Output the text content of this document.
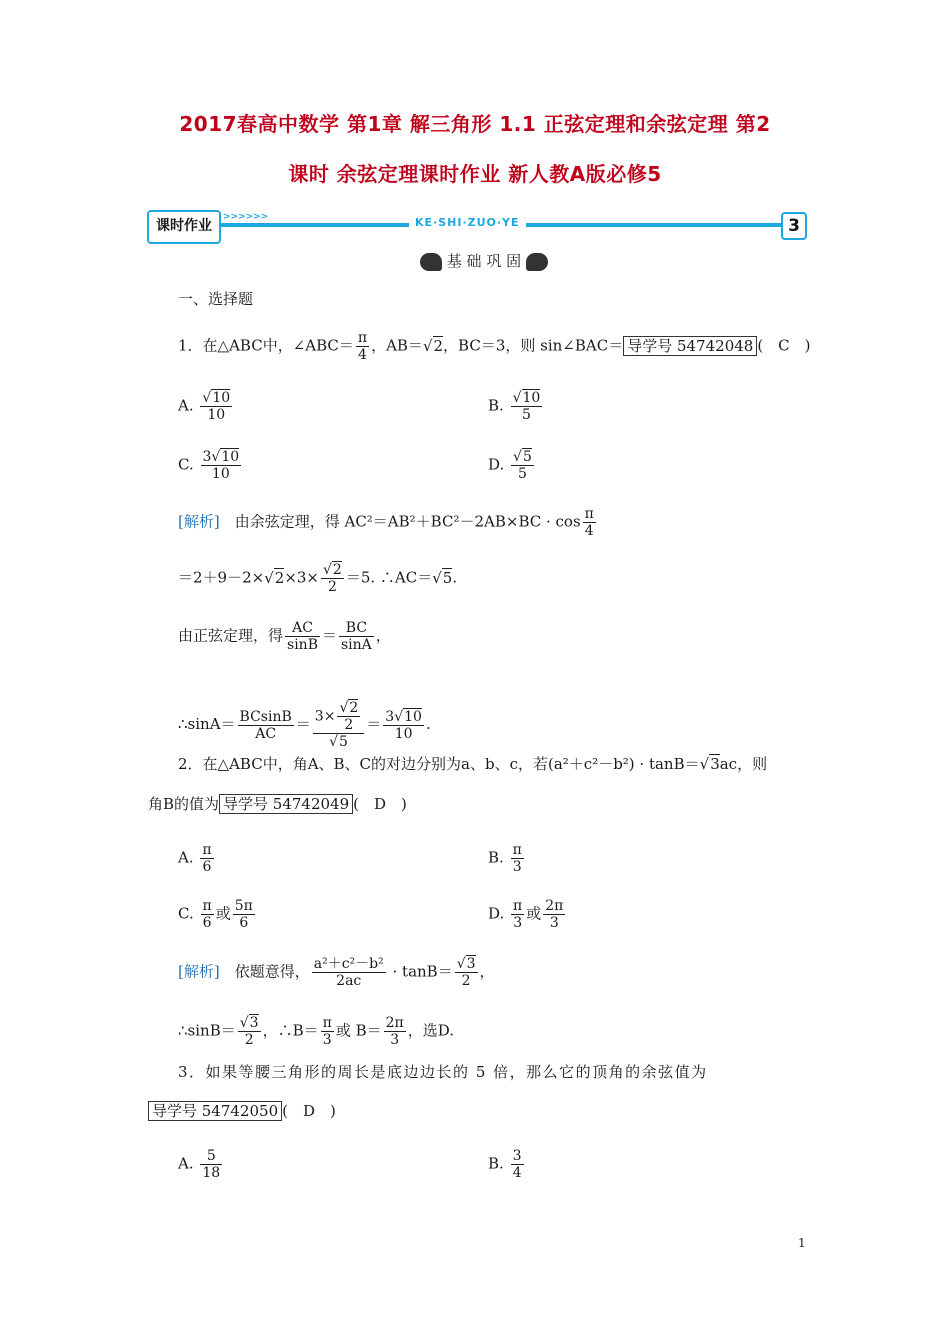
2017春高中数学 第1章 解三角形 1.1 正弦定理和余弦定理 第2
课时 余弦定理课时作业 新人教A版必修5
课时作业
>>>>>>	KE·SHI·ZUO·YE	3
基 础 巩 固
一、选择题
1．在△ABC中，∠ABC＝ $\frac{\pi}{4}$ ，AB＝√2，BC＝3，则 sin∠BAC＝ 导学号 54742048 (　C　)
A. $\frac{√10}{10}$	B. $\frac{√10}{5}$
C. $\frac{3√10}{10}$	D. $\frac{√5}{5}$
[解析]　由余弦定理，得 $AC^2=AB^2+BC^2-2AB\times BC \cdot \cos \frac{\pi}{4}$
$=2+9-2\times√2\times 3\times \frac{√2}{2} =5$. ∴AC＝√5.
由正弦定理，得 $\frac{AC}{\sin B} = \frac{BC}{\sin A}$ ，
∴sinA＝ $\frac{BCsinB}{AC} = \frac{3\times \frac{√2}{2}}{√5} = \frac{3√10}{10}$ .
2．在△ABC中，角A、B、C的对边分别为a、b、c，若(a²＋c²－b²) · tanB＝√3ac，则
角B的值为 导学号 54742049 (　D　)
A. $\frac{\pi}{6}$	B. $\frac{\pi}{3}$
C. $\frac{\pi}{6}$ 或 $\frac{5\pi}{6}$	D. $\frac{\pi}{3}$ 或 $\frac{2\pi}{3}$
[解析]　依题意得， $\frac{\text{a²＋c²－b²}}{2ac} \cdot \tan B= \frac{√3}{2}$ ，
∴sinB＝ $\frac{√3}{2}$ ，∴B＝ $\frac{\pi}{3}$ 或 $B= \frac{2\pi}{3}$ ，选D.
3．如果等腰三角形的周长是底边边长的 5 倍，那么它的顶角的余弦值为
导学号 54742050 (　D　)
A. $\frac{5}{18}$	B. $\frac{3}{4}$
1
